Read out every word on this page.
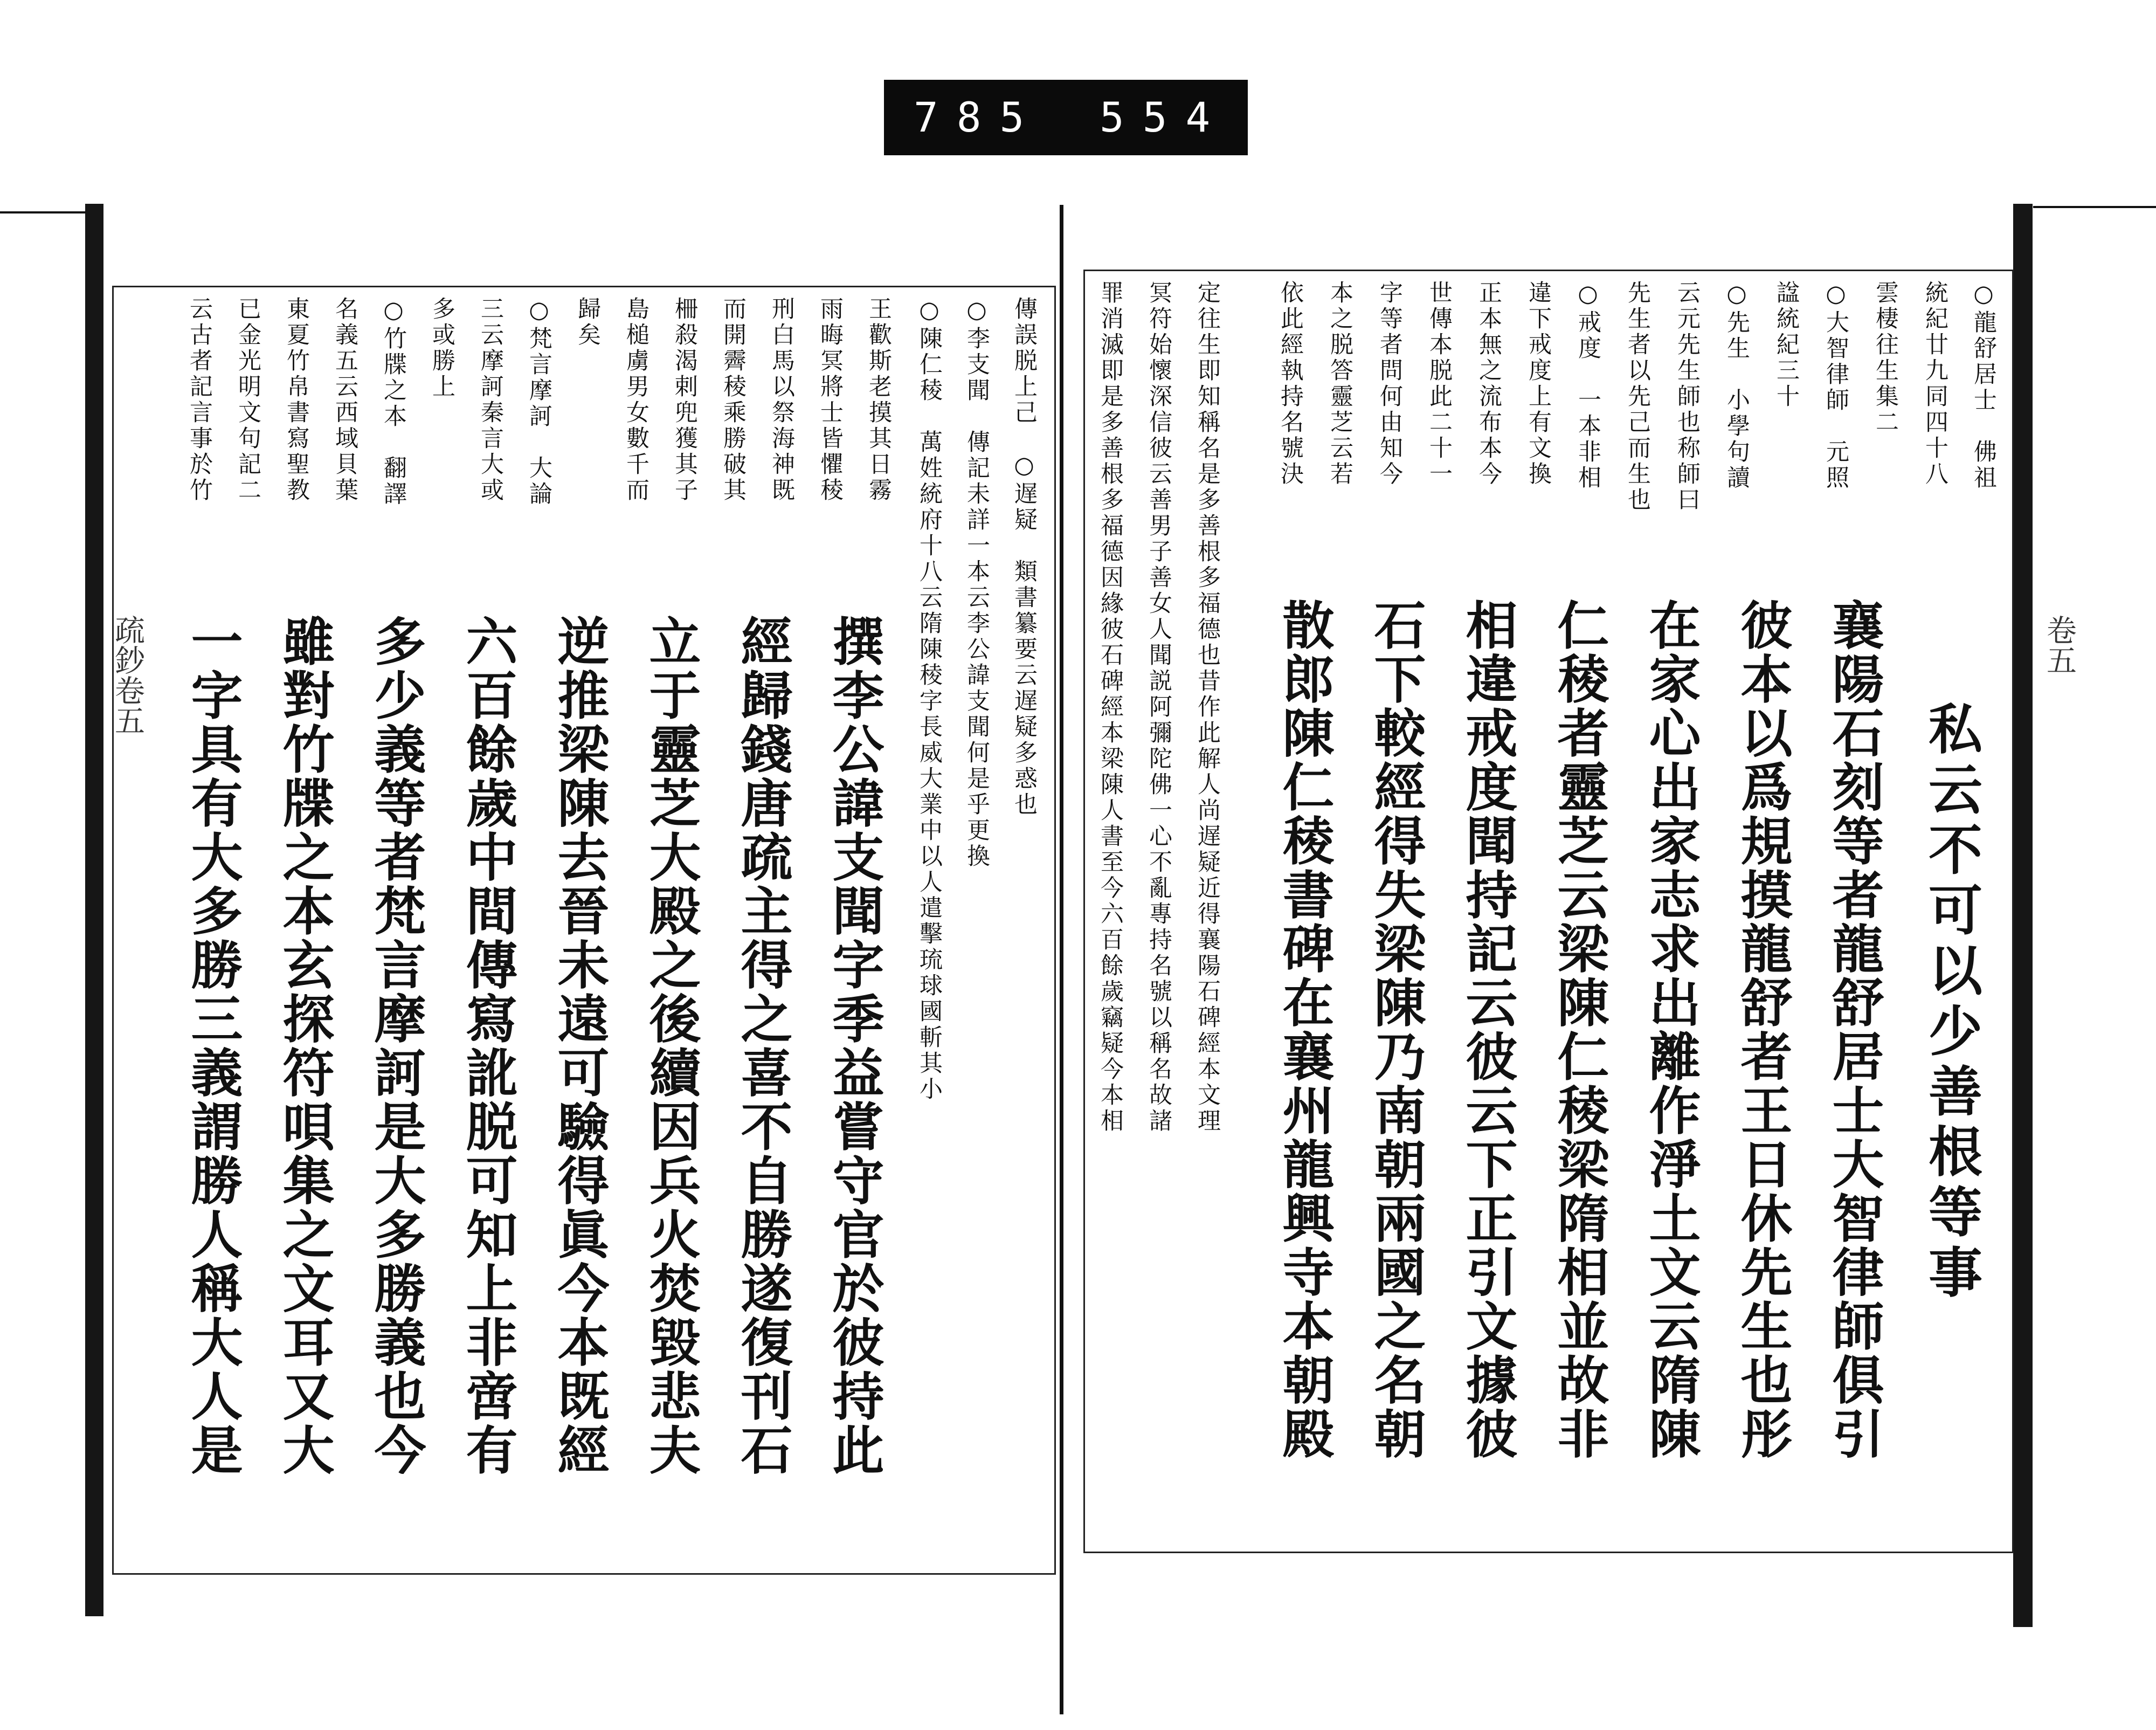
785 554
○龍舒居士　佛祖
統紀廿九同四十八
雲棲往生集二
○大智律師　元照
諡統紀三十
○先生　小學句讀
云元先生師也称師曰
先生者以先己而生也
○戒度　一本非相
違下戒度上有文換
正本無之流布本今
世傳本脱此二十一
字等者問何由知今
本之脱答靈芝云若
依此經執持名號決
定往生即知稱名是多善根多福德也昔作此解人尚遅疑近得襄陽石碑經本文理
冥符始懷深信彼云善男子善女人聞説阿彌陀佛一心不亂專持名號以稱名故諸
罪消滅即是多善根多福德因緣彼石碑經本梁陳人書至今六百餘歲竊疑今本相	私云不可以少善根等事
襄陽石刻等者龍舒居士大智律師俱引
彼本以爲規摸龍舒者王日休先生也彤
在家心出家志求出離作淨土文云隋陳
仁稜者靈芝云梁陳仁稜梁隋相並故非
相違戒度聞持記云彼云下正引文據彼
石下較經得失梁陳乃南朝兩國之名朝
散郎陳仁稜書碑在襄州龍興寺本朝殿
傳誤脱上己　○遅疑　類書纂要云遅疑多惑也
○李支聞　傳記未詳一本云李公諱支聞何是乎更換
○陳仁稜　萬姓統府十八云隋陳稜字長威大業中以人遣擊琉球國斬其小
王歡斯老摸其日霧
雨晦冥將士皆懼稜
刑白馬以祭海神既
而開霽稜乘勝破其
柵殺渴剌兜獲其子
島槌虜男女數千而
歸矣
○梵言摩訶　大論
三云摩訶秦言大或
多或勝上
○竹牒之本　翻譯
名義五云西域貝葉
東夏竹帛書寫聖教
已金光明文句記二
云古者記言事於竹
撰李公諱支聞字季益嘗守官於彼持此
經歸錢唐疏主得之喜不自勝遂復刊石
立于靈芝大殿之後續因兵火焚毀悲夫
逆推梁陳去晉未遠可驗得眞今本既經
六百餘歲中間傳寫訛脱可知上非啻有
多少義等者梵言摩訶是大多勝義也今
雖對竹牒之本玄探符唄集之文耳又大
一字具有大多勝三義謂勝人稱大人是
疏鈔卷五	卷五
